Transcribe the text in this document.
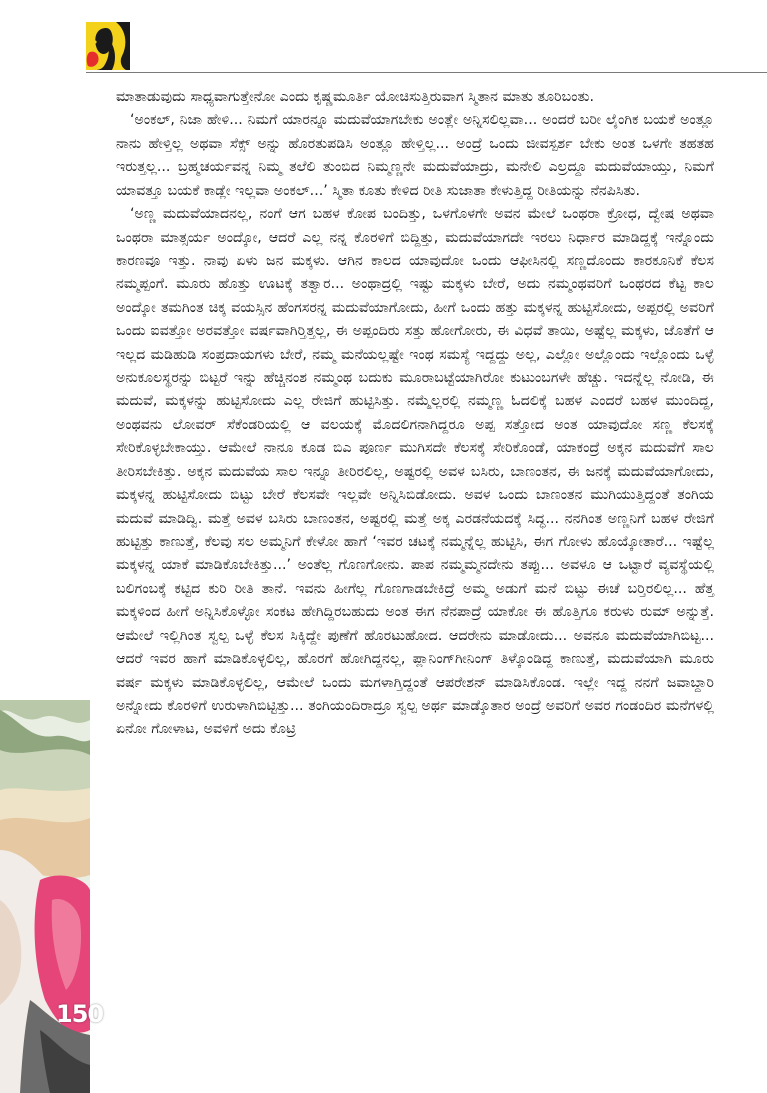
150

ಮಾತಾಡುವುದು ಸಾಧ್ಯವಾಗುತ್ತೇನೋ ಎಂದು ಕೃಷ್ಣಮೂರ್ತಿ ಯೋಚಿಸುತ್ತಿರುವಾಗ ಸ್ಮಿತಾನ ಮಾತು ತೂರಿಬಂತು.

‘ಅಂಕಲ್, ನಿಜಾ ಹೇಳಿ... ನಿಮಗೆ ಯಾರನ್ನೂ ಮದುವೆಯಾಗಬೇಕು ಅಂತ್ಲೇ ಅನ್ನಿಸಲಿಲ್ಲವಾ... ಅಂದರೆ ಬರೀ ಲೈಂಗಿಕ ಬಯಕೆ ಅಂತ್ಲೂ ನಾನು ಹೇಳ್ತಿಲ್ಲ ಅಥವಾ ಸೆಕ್ಸ್ ಅನ್ನು ಹೊರತುಪಡಿಸಿ ಅಂತ್ಲೂ ಹೇಳ್ತಿಲ್ಲ... ಅಂದ್ರೆ ಒಂದು ಜೀವಸ್ಪರ್ಶ ಬೇಕು ಅಂತ ಒಳಗೇ ತಹತಹ ಇರುತ್ತಲ್ಲ... ಬ್ರಹ್ಮಚರ್ಯವನ್ನ ನಿಮ್ಮ ತಲೆಲಿ ತುಂಬಿದ ನಿಮ್ಮಣ್ಣನೇ ಮದುವೆಯಾದ್ರು, ಮನೇಲಿ ಎಲ್ರದ್ದೂ ಮದುವೆಯಾಯ್ತು, ನಿಮಗೆ ಯಾವತ್ತೂ ಬಯಕೆ ಕಾಡ್ಲೇ ಇಲ್ಲವಾ ಅಂಕಲ್...’ ಸ್ಮಿತಾ ಕೂತು ಕೇಳಿದ ರೀತಿ ಸುಜಾತಾ ಕೇಳುತ್ತಿದ್ದ ರೀತಿಯನ್ನು ನೆನಪಿಸಿತು.

‘ಅಣ್ಣ ಮದುವೆಯಾದನಲ್ಲ, ನಂಗೆ ಆಗ ಬಹಳ ಕೋಪ ಬಂದಿತ್ತು, ಒಳಗೊಳಗೇ ಅವನ ಮೇಲೆ ಒಂಥರಾ ಕ್ರೋಧ, ದ್ವೇಷ ಅಥವಾ ಒಂಥರಾ ಮಾತ್ಸರ್ಯ ಅಂದ್ಕೋ, ಆದರೆ ಎಲ್ಲ ನನ್ನ ಕೊರಳಿಗೆ ಬಿದ್ದಿತ್ತು, ಮದುವೆಯಾಗದೇ ಇರಲು ನಿರ್ಧಾರ ಮಾಡಿದ್ದಕ್ಕೆ ಇನ್ನೊಂದು ಕಾರಣವೂ ಇತ್ತು. ನಾವು ಏಳು ಜನ ಮಕ್ಕಳು. ಆಗಿನ ಕಾಲದ ಯಾವುದೋ ಒಂದು ಆಫೀಸಿನಲ್ಲಿ ಸಣ್ಣದೊಂದು ಕಾರಕೂನಿಕೆ ಕೆಲಸ ನಮ್ಮಪ್ಪಂಗೆ. ಮೂರು ಹೊತ್ತು ಊಟಕ್ಕೆ ತತ್ವಾರ... ಅಂಥಾದ್ರಲ್ಲಿ ಇಷ್ಟು ಮಕ್ಕಳು ಬೇರೆ, ಅದು ನಮ್ಮಂಥವರಿಗೆ ಒಂಥರದ ಕೆಟ್ಟ ಕಾಲ ಅಂದ್ಕೋ ತಮಗಿಂತ ಚಿಕ್ಕ ವಯಸ್ಸಿನ ಹೆಂಗಸರನ್ನ ಮದುವೆಯಾಗೋದು, ಹೀಗೆ ಒಂದು ಹತ್ತು ಮಕ್ಕಳನ್ನ ಹುಟ್ಟಿಸೋದು, ಅಪ್ಪರಲ್ಲಿ ಅವರಿಗೆ ಒಂದು ಐವತ್ತೋ ಅರವತ್ತೋ ವರ್ಷವಾಗಿರ್‍ತಿತ್ತಲ್ಲ, ಈ ಅಪ್ಪಂದಿರು ಸತ್ತು ಹೋಗೋರು, ಈ ವಿಧವೆ ತಾಯಿ, ಅಷ್ಟೆಲ್ಲ ಮಕ್ಕಳು, ಜೊತೆಗೆ ಆ ಇಲ್ಲದ ಮಡಿಹುಡಿ ಸಂಪ್ರದಾಯಗಳು ಬೇರೆ, ನಮ್ಮ ಮನೆಯಲ್ಲಷ್ಟೇ ಇಂಥ ಸಮಸ್ಯೆ ಇದ್ದದ್ದು ಅಲ್ಲ, ಎಲ್ಲೋ ಅಲ್ಲೊಂದು ಇಲ್ಲೊಂದು ಒಳ್ಳೆ ಅನುಕೂಲಸ್ಥರನ್ನು ಬಿಟ್ಟರೆ ಇನ್ನು ಹೆಚ್ಚಿನಂಶ ನಮ್ಮಂಥ ಬದುಕು ಮೂರಾಬಟ್ಟೆಯಾಗಿರೋ ಕುಟುಂಬಗಳೇ ಹೆಚ್ಚು. ಇದನ್ನೆಲ್ಲ ನೋಡಿ, ಈ ಮದುವೆ, ಮಕ್ಕಳನ್ನು ಹುಟ್ಟಿಸೋದು ಎಲ್ಲ ರೇಜಿಗೆ ಹುಟ್ಟಿಸಿತ್ತು. ನಮ್ಮೆಲ್ಲರಲ್ಲಿ ನಮ್ಮಣ್ಣ ಓದಲಿಕ್ಕೆ ಬಹಳ ಎಂದರೆ ಬಹಳ ಮುಂದಿದ್ದ, ಅಂಥವನು ಲೋವರ್ ಸೆಕೆಂಡರಿಯಲ್ಲಿ ಆ ವಲಯಕ್ಕೆ ಮೊದಲಿಗನಾಗಿದ್ದರೂ ಅಪ್ಪ ಸತ್ತೋದ ಅಂತ ಯಾವುದೋ ಸಣ್ಣ ಕೆಲಸಕ್ಕೆ ಸೇರಿಕೊಳ್ಳಬೇಕಾಯ್ತು. ಆಮೇಲೆ ನಾನೂ ಕೂಡ ಬಿಎ ಪೂರ್ಣ ಮುಗಿಸದೇ ಕೆಲಸಕ್ಕೆ ಸೇರಿಕೊಂಡೆ, ಯಾಕಂದ್ರೆ ಅಕ್ಕನ ಮದುವೆಗೆ ಸಾಲ ತೀರಿಸಬೇಕಿತ್ತು. ಅಕ್ಕನ ಮದುವೆಯ ಸಾಲ ಇನ್ನೂ ತೀರಿರಲಿಲ್ಲ, ಅಷ್ಟರಲ್ಲಿ ಅವಳ ಬಸಿರು, ಬಾಣಂತನ, ಈ ಜನಕ್ಕೆ ಮದುವೆಯಾಗೋದು, ಮಕ್ಕಳನ್ನ ಹುಟ್ಟಿಸೋದು ಬಿಟ್ಟು ಬೇರೆ ಕೆಲಸವೇ ಇಲ್ಲವೇ ಅನ್ನಿಸಿಬಿಡೋದು. ಅವಳ ಒಂದು ಬಾಣಂತನ ಮುಗಿಯುತ್ತಿದ್ದಂತೆ ತಂಗಿಯ ಮದುವೆ ಮಾಡಿದ್ವಿ. ಮತ್ತೆ ಅವಳ ಬಸಿರು ಬಾಣಂತನ, ಅಷ್ಟರಲ್ಲಿ ಮತ್ತೆ ಅಕ್ಕ ಎರಡನೆಯದಕ್ಕೆ ಸಿದ್ಧ... ನನಗಿಂತ ಅಣ್ಣನಿಗೆ ಬಹಳ ರೇಜಿಗೆ ಹುಟ್ಟಿತ್ತು ಕಾಣುತ್ತೆ, ಕೆಲವು ಸಲ ಅಮ್ಮನಿಗೆ ಕೇಳೋ ಹಾಗೆ ‘ಇವರ ಚಟಕ್ಕೆ ನಮ್ಮನ್ನೆಲ್ಲ ಹುಟ್ಟಿಸಿ, ಈಗ ಗೋಳು ಹೊಯ್ಕೋತಾರೆ... ಇಷ್ಟೆಲ್ಲ ಮಕ್ಕಳನ್ನ ಯಾಕೆ ಮಾಡಿಕೊಬೇಕಿತ್ತು...’ ಅಂತೆಲ್ಲ ಗೊಣಗೋನು. ಪಾಪ ನಮ್ಮಮ್ಮನದೇನು ತಪ್ಪು... ಅವಳೂ ಆ ಒಟ್ಟಾರೆ ವ್ಯವಸ್ಥೆಯಲ್ಲಿ ಬಲಿಗಂಬಕ್ಕೆ ಕಟ್ಟಿದ ಕುರಿ ರೀತಿ ತಾನೆ. ಇವನು ಹೀಗೆಲ್ಲ ಗೊಣಗಾಡಬೇಕಿದ್ರೆ ಅಮ್ಮ ಅಡುಗೆ ಮನೆ ಬಿಟ್ಟು ಈಚೆ ಬರ್‍ತಿರಲಿಲ್ಲ... ಹೆತ್ತ ಮಕ್ಕಳಿಂದ ಹೀಗೆ ಅನ್ನಿಸಿಕೊಳ್ಳೋ ಸಂಕಟ ಹೇಗಿದ್ದಿರಬಹುದು ಅಂತ ಈಗ ನೆನಪಾದ್ರೆ ಯಾಕೋ ಈ ಹೊತ್ತಿಗೂ ಕರುಳು ರುಮ್ ಅನ್ನುತ್ತೆ. ಆಮೇಲೆ ಇಲ್ಲಿಗಿಂತ ಸ್ವಲ್ಪ ಒಳ್ಳೆ ಕೆಲಸ ಸಿಕ್ಕಿದ್ದೇ ಪುಣೆಗೆ ಹೊರಟುಹೋದ. ಆದರೇನು ಮಾಡೋದು... ಅವನೂ ಮದುವೆಯಾಗಿಬಿಟ್ಟ... ಆದರೆ ಇವರ ಹಾಗೆ ಮಾಡಿಕೊಳ್ಳಲಿಲ್ಲ, ಹೊರಗೆ ಹೋಗಿದ್ದನಲ್ಲ, ಪ್ಲಾನಿಂಗ್‌ಗೀನಿಂಗ್ ತಿಳ್ಕೊಂಡಿದ್ದ ಕಾಣುತ್ತೆ, ಮದುವೆಯಾಗಿ ಮೂರು ವರ್ಷ ಮಕ್ಕಳು ಮಾಡಿಕೊಳ್ಳಲಿಲ್ಲ, ಆಮೇಲೆ ಒಂದು ಮಗಳಾಗ್ತಿದ್ದಂತೆ ಆಪರೇಶನ್ ಮಾಡಿಸಿಕೊಂಡ. ಇಲ್ಲೇ ಇದ್ದ ನನಗೆ ಜವಾಬ್ದಾರಿ ಅನ್ನೋದು ಕೊರಳಿಗೆ ಉರುಳಾಗಿಬಿಟ್ಟಿತ್ತು... ತಂಗಿಯಂದಿರಾದ್ರೂ ಸ್ವಲ್ಪ ಅರ್ಥ ಮಾಡ್ಕೊತಾರ ಅಂದ್ರೆ ಅವರಿಗೆ ಅವರ ಗಂಡಂದಿರ ಮನೆಗಳಲ್ಲಿ ಏನೋ ಗೋಳಾಟ, ಅವಳಿಗೆ ಅದು ಕೊಟ್ರಿ
